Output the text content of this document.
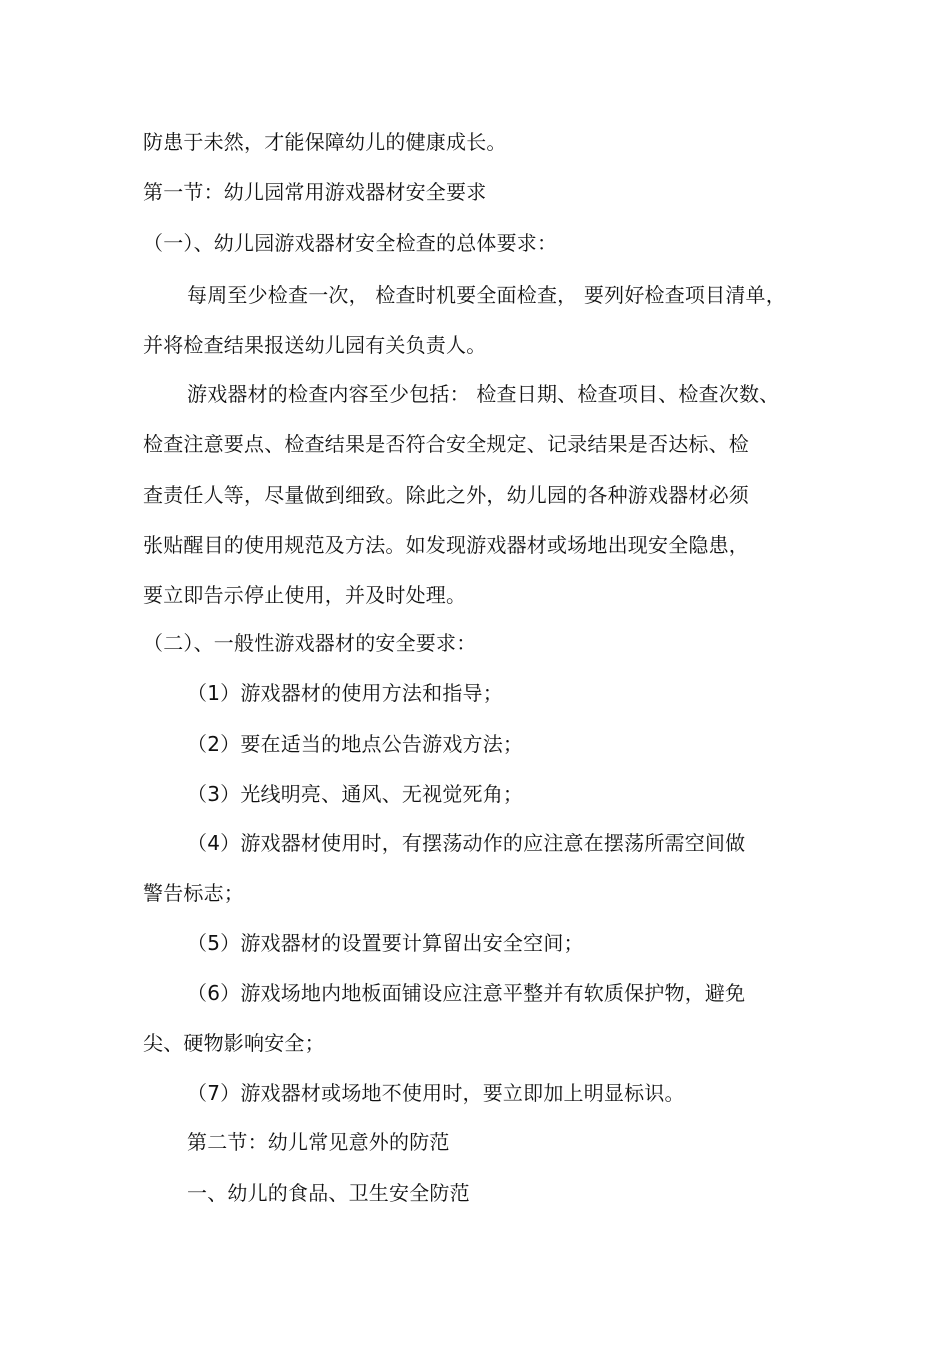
防患于未然，才能保障幼儿的健康成长。
第一节：幼儿园常用游戏器材安全要求
（一）、幼儿园游戏器材安全检查的总体要求：
每周至少检查一次， 检查时机要全面检查， 要列好检查项目清单，
并将检查结果报送幼儿园有关负责人。
游戏器材的检查内容至少包括： 检查日期、检查项目、检查次数、
检查注意要点、检查结果是否符合安全规定、记录结果是否达标、检
查责任人等，尽量做到细致。除此之外，幼儿园的各种游戏器材必须
张贴醒目的使用规范及方法。如发现游戏器材或场地出现安全隐患，
要立即告示停止使用，并及时处理。
（二）、一般性游戏器材的安全要求：
（1）游戏器材的使用方法和指导；
（2）要在适当的地点公告游戏方法；
（3）光线明亮、通风、无视觉死角；
（4）游戏器材使用时，有摆荡动作的应注意在摆荡所需空间做
警告标志；
（5）游戏器材的设置要计算留出安全空间；
（6）游戏场地内地板面铺设应注意平整并有软质保护物，避免
尖、硬物影响安全；
（7）游戏器材或场地不使用时，要立即加上明显标识。
第二节：幼儿常见意外的防范
一、幼儿的食品、卫生安全防范
